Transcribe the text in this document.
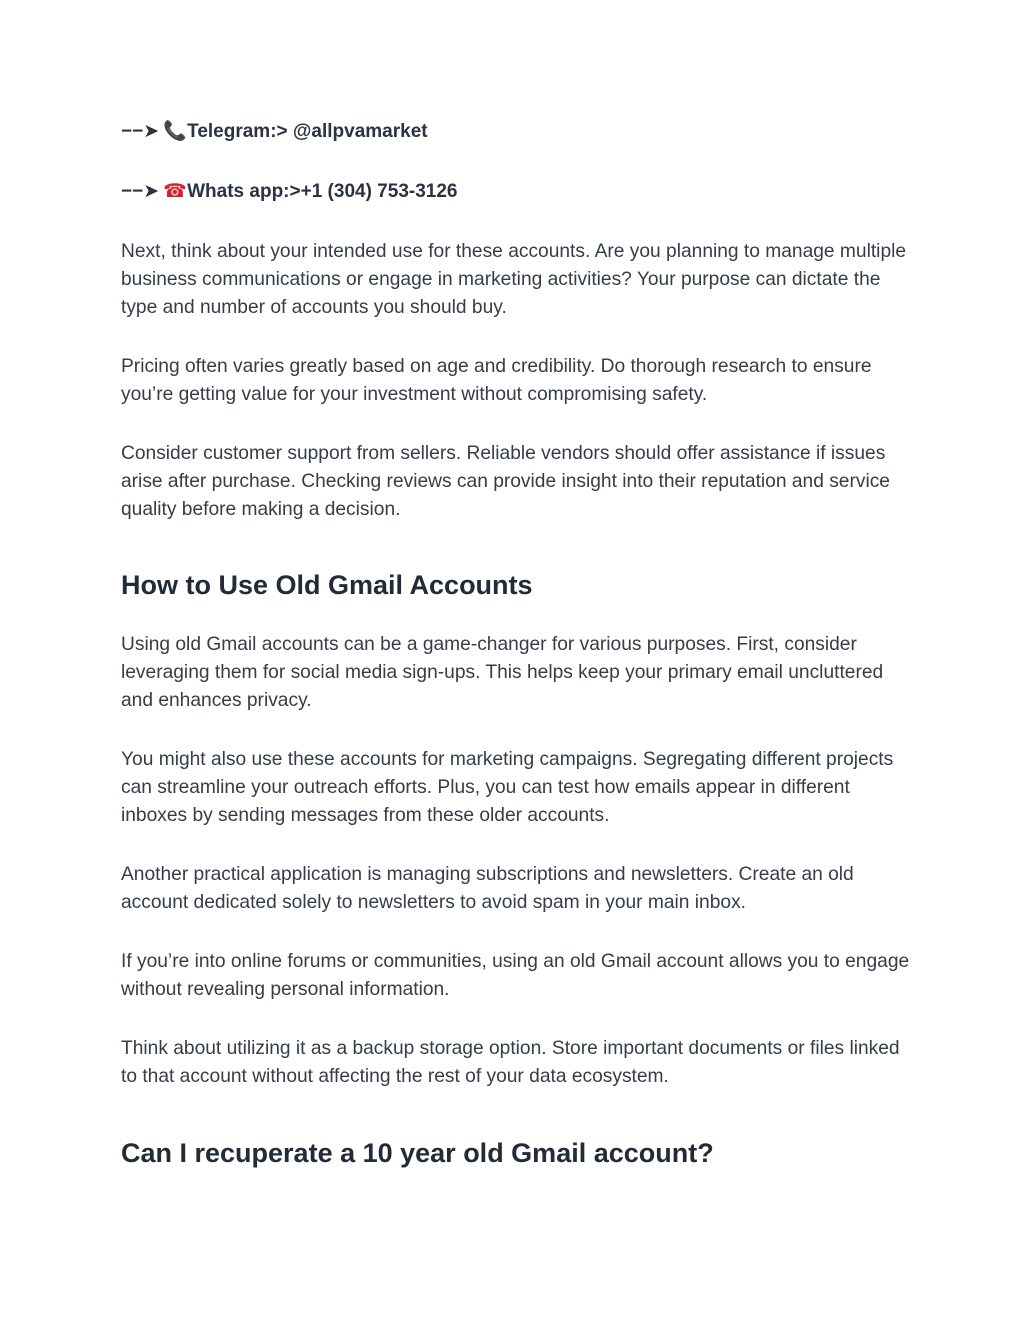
−−➤ 📞Telegram:> @allpvamarket
−−➤ ☎Whats app:>+1 (304) 753-3126

Next, think about your intended use for these accounts. Are you planning to manage multiple business communications or engage in marketing activities? Your purpose can dictate the type and number of accounts you should buy.

Pricing often varies greatly based on age and credibility. Do thorough research to ensure you’re getting value for your investment without compromising safety.

Consider customer support from sellers. Reliable vendors should offer assistance if issues arise after purchase. Checking reviews can provide insight into their reputation and service quality before making a decision.

How to Use Old Gmail Accounts

Using old Gmail accounts can be a game-changer for various purposes. First, consider leveraging them for social media sign-ups. This helps keep your primary email uncluttered and enhances privacy.

You might also use these accounts for marketing campaigns. Segregating different projects can streamline your outreach efforts. Plus, you can test how emails appear in different inboxes by sending messages from these older accounts.

Another practical application is managing subscriptions and newsletters. Create an old account dedicated solely to newsletters to avoid spam in your main inbox.

If you’re into online forums or communities, using an old Gmail account allows you to engage without revealing personal information.

Think about utilizing it as a backup storage option. Store important documents or files linked to that account without affecting the rest of your data ecosystem.

Can I recuperate a 10 year old Gmail account?
